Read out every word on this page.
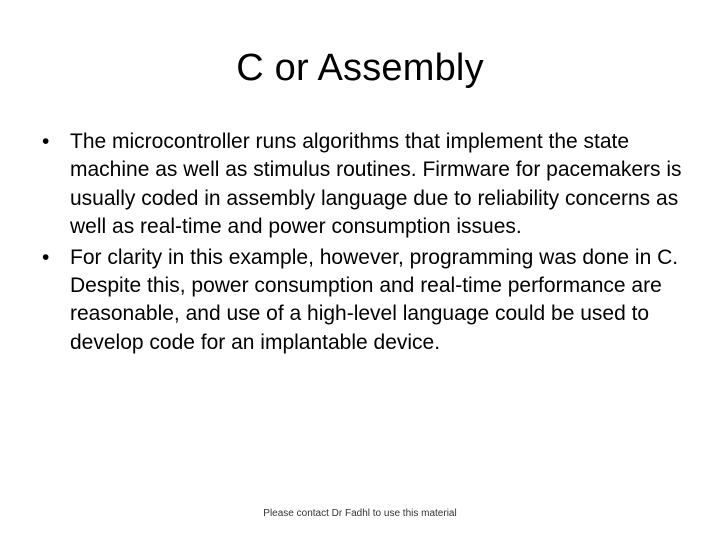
C or Assembly
• The microcontroller runs algorithms that implement the state machine as well as stimulus routines. Firmware for pacemakers is usually coded in assembly language due to reliability concerns as well as real-time and power consumption issues.
• For clarity in this example, however, programming was done in C. Despite this, power consumption and real-time performance are reasonable, and use of a high-level language could be used to develop code for an implantable device.
Please contact Dr Fadhl to use this material
